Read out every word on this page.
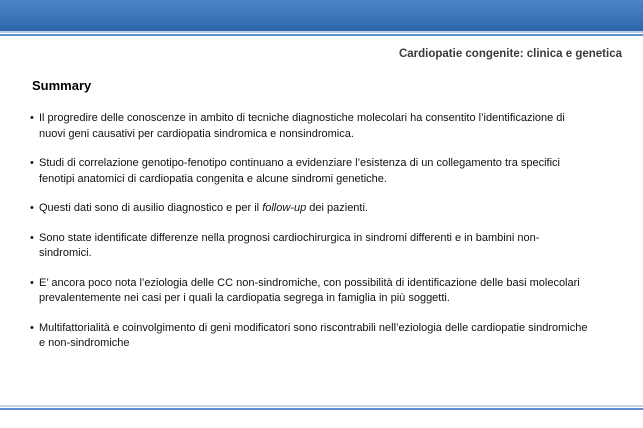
Cardiopatie congenite: clinica e genetica
Summary
• Il progredire delle conoscenze in ambito di tecniche diagnostiche molecolari ha consentito l’identificazione di nuovi geni causativi per cardiopatia sindromica e nonsindromica.
• Studi di correlazione genotipo-fenotipo continuano a evidenziare l’esistenza di un collegamento tra specifici fenotipi anatomici di cardiopatia congenita e alcune sindromi genetiche.
• Questi dati sono di ausilio diagnostico e per il follow-up dei pazienti.
• Sono state identificate differenze nella prognosi cardiochirurgica in sindromi differenti e in bambini non-sindromici.
• E’ ancora poco nota l’eziologia delle CC non-sindromiche, con possibilità di identificazione delle basi molecolari prevalentemente nei casi per i quali la cardiopatia segrega in famiglia in più soggetti.
• Multifattorialità e coinvolgimento di geni modificatori sono riscontrabili nell’eziologia delle cardiopatie sindromiche e non-sindromiche
